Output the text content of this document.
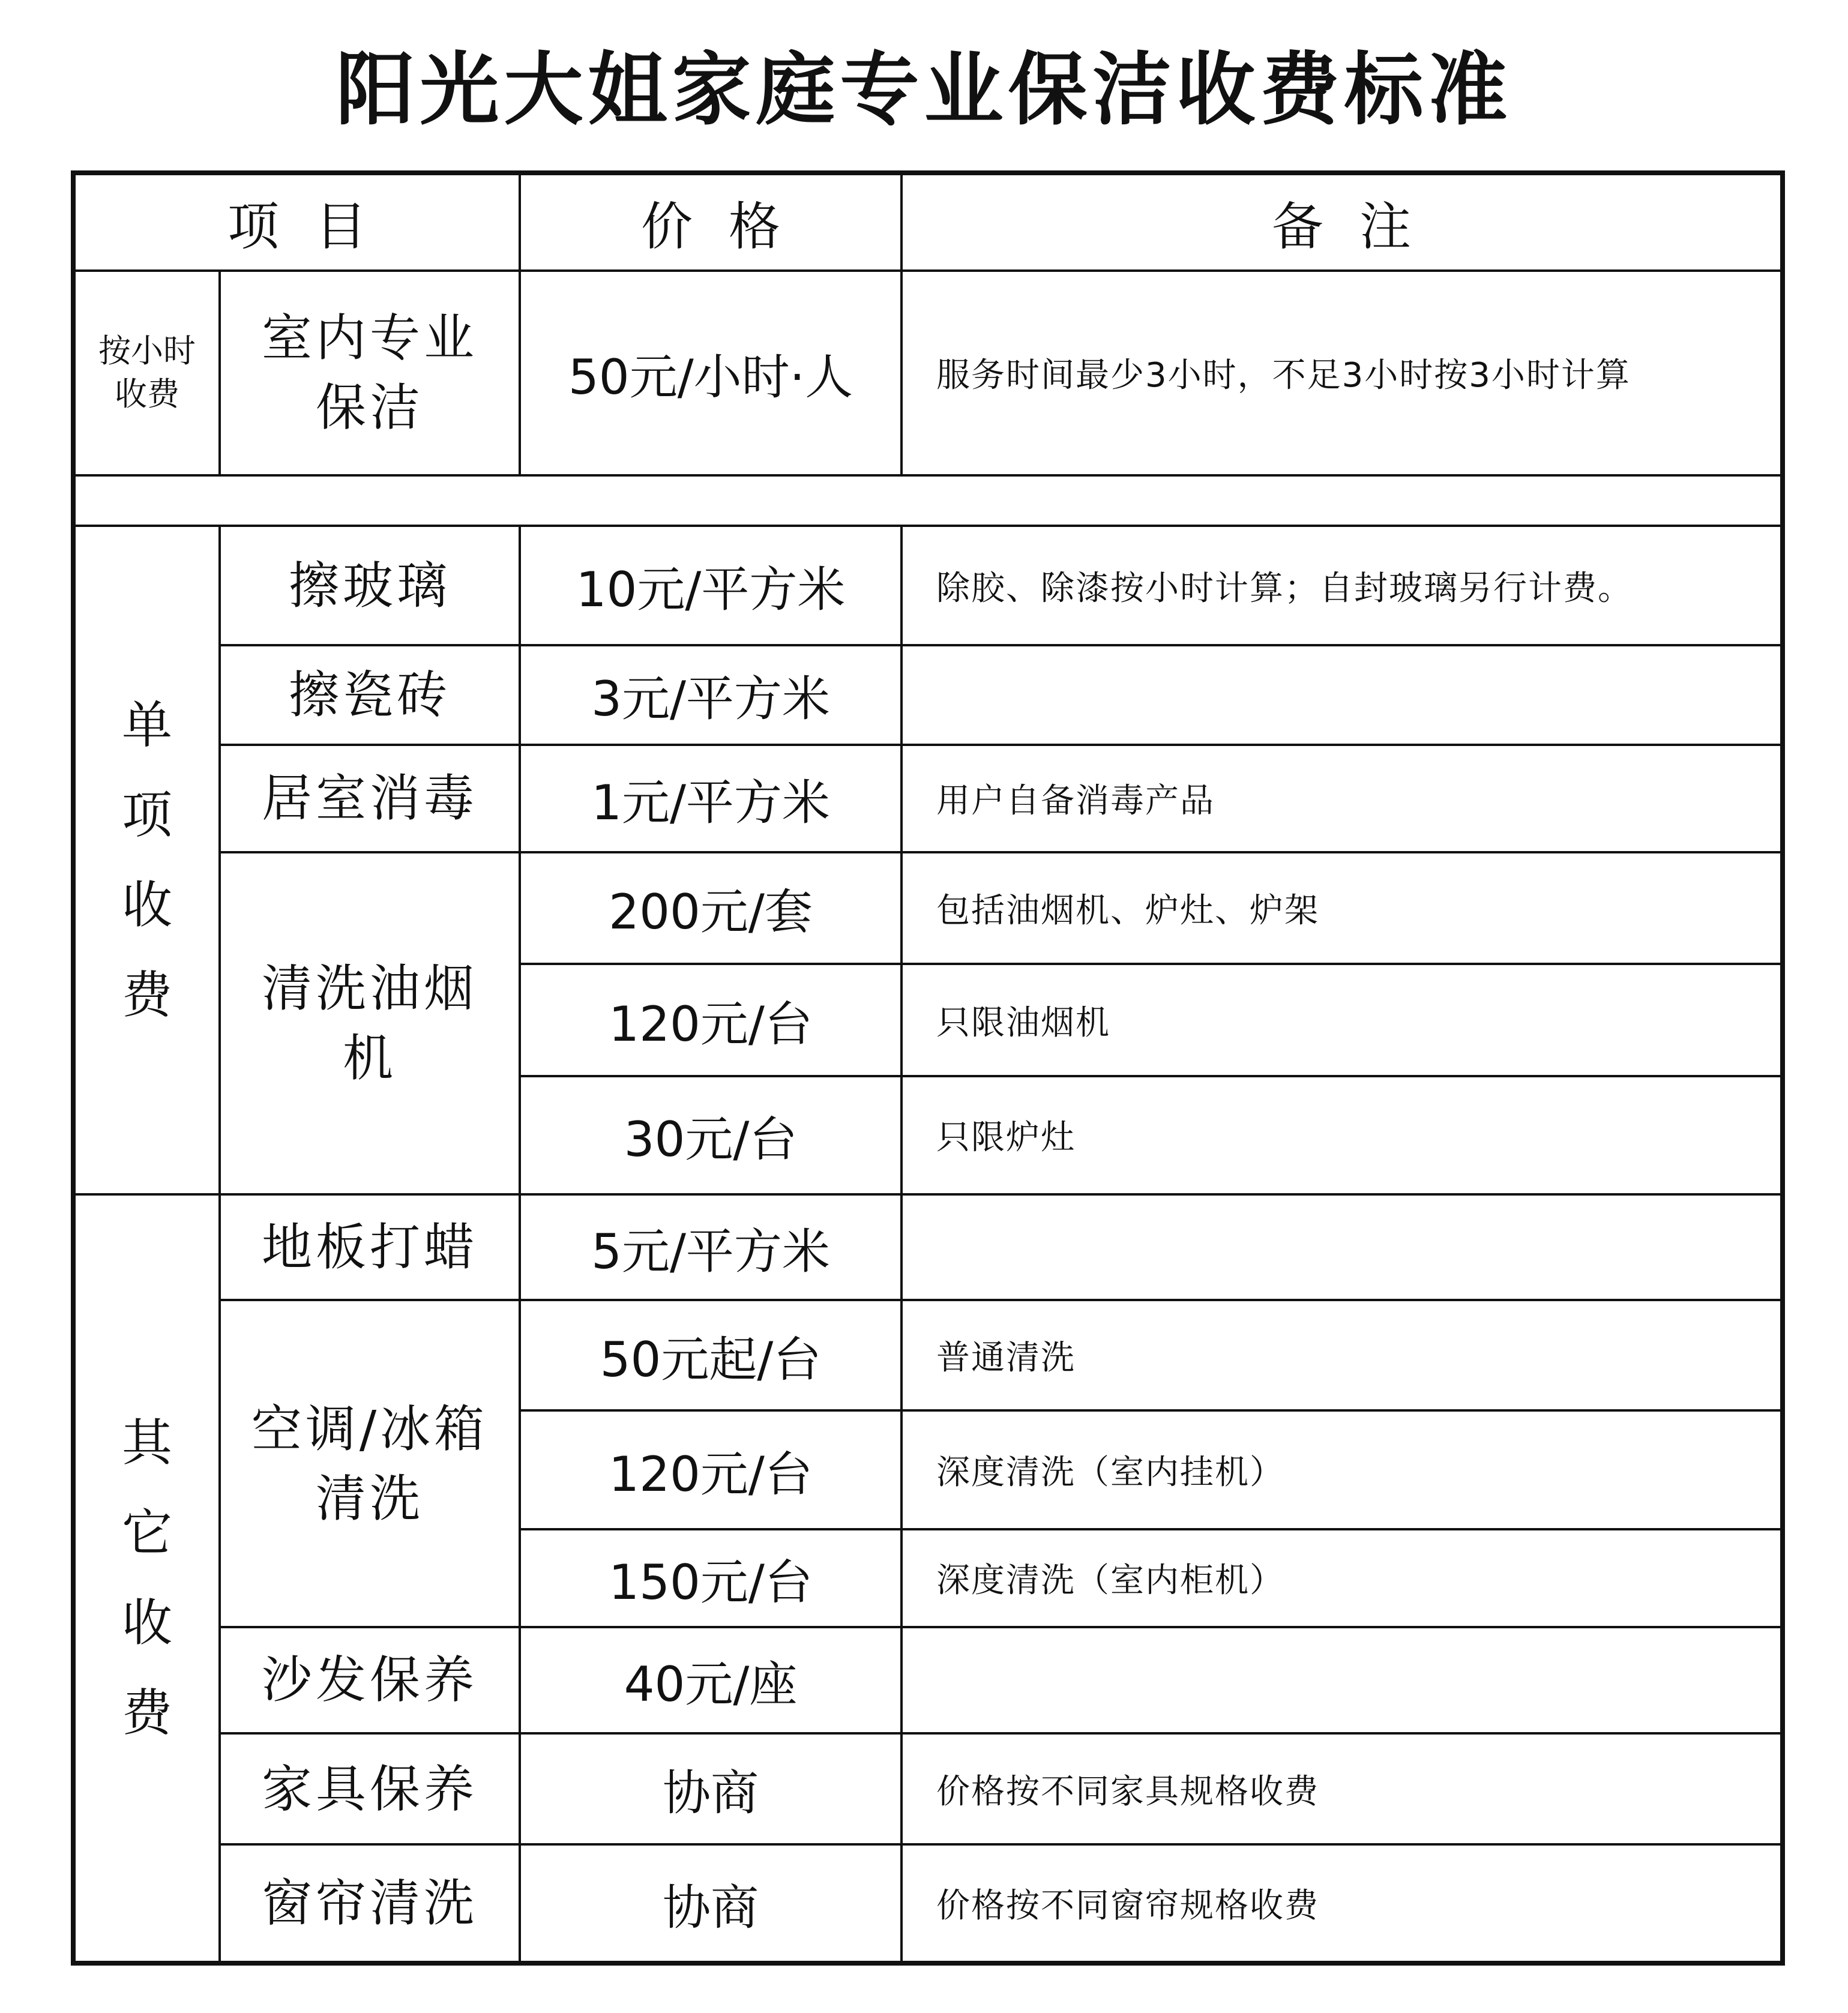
阳光大姐家庭专业保洁收费标准
项目		价格	备注
按小时收费	室内专业保洁	50元/小时·人	服务时间最少3小时，不足3小时按3小时计算

单项收费	擦玻璃	10元/平方米	除胶、除漆按小时计算；自封玻璃另行计费。
	擦瓷砖	3元/平方米	
	居室消毒	1元/平方米	用户自备消毒产品

	清洗油烟机	200元/套	包括油烟机、炉灶、炉架
		120元/台	只限油烟机
		30元/台	只限炉灶

其它收费	地板打蜡	5元/平方米	

	空调/冰箱清洗	50元起/台	普通清洗
		120元/台	深度清洗（室内挂机）
		150元/台	深度清洗（室内柜机）
	沙发保养	40元/座	
	家具保养	协商	价格按不同家具规格收费
	窗帘清洗	协商	价格按不同窗帘规格收费
